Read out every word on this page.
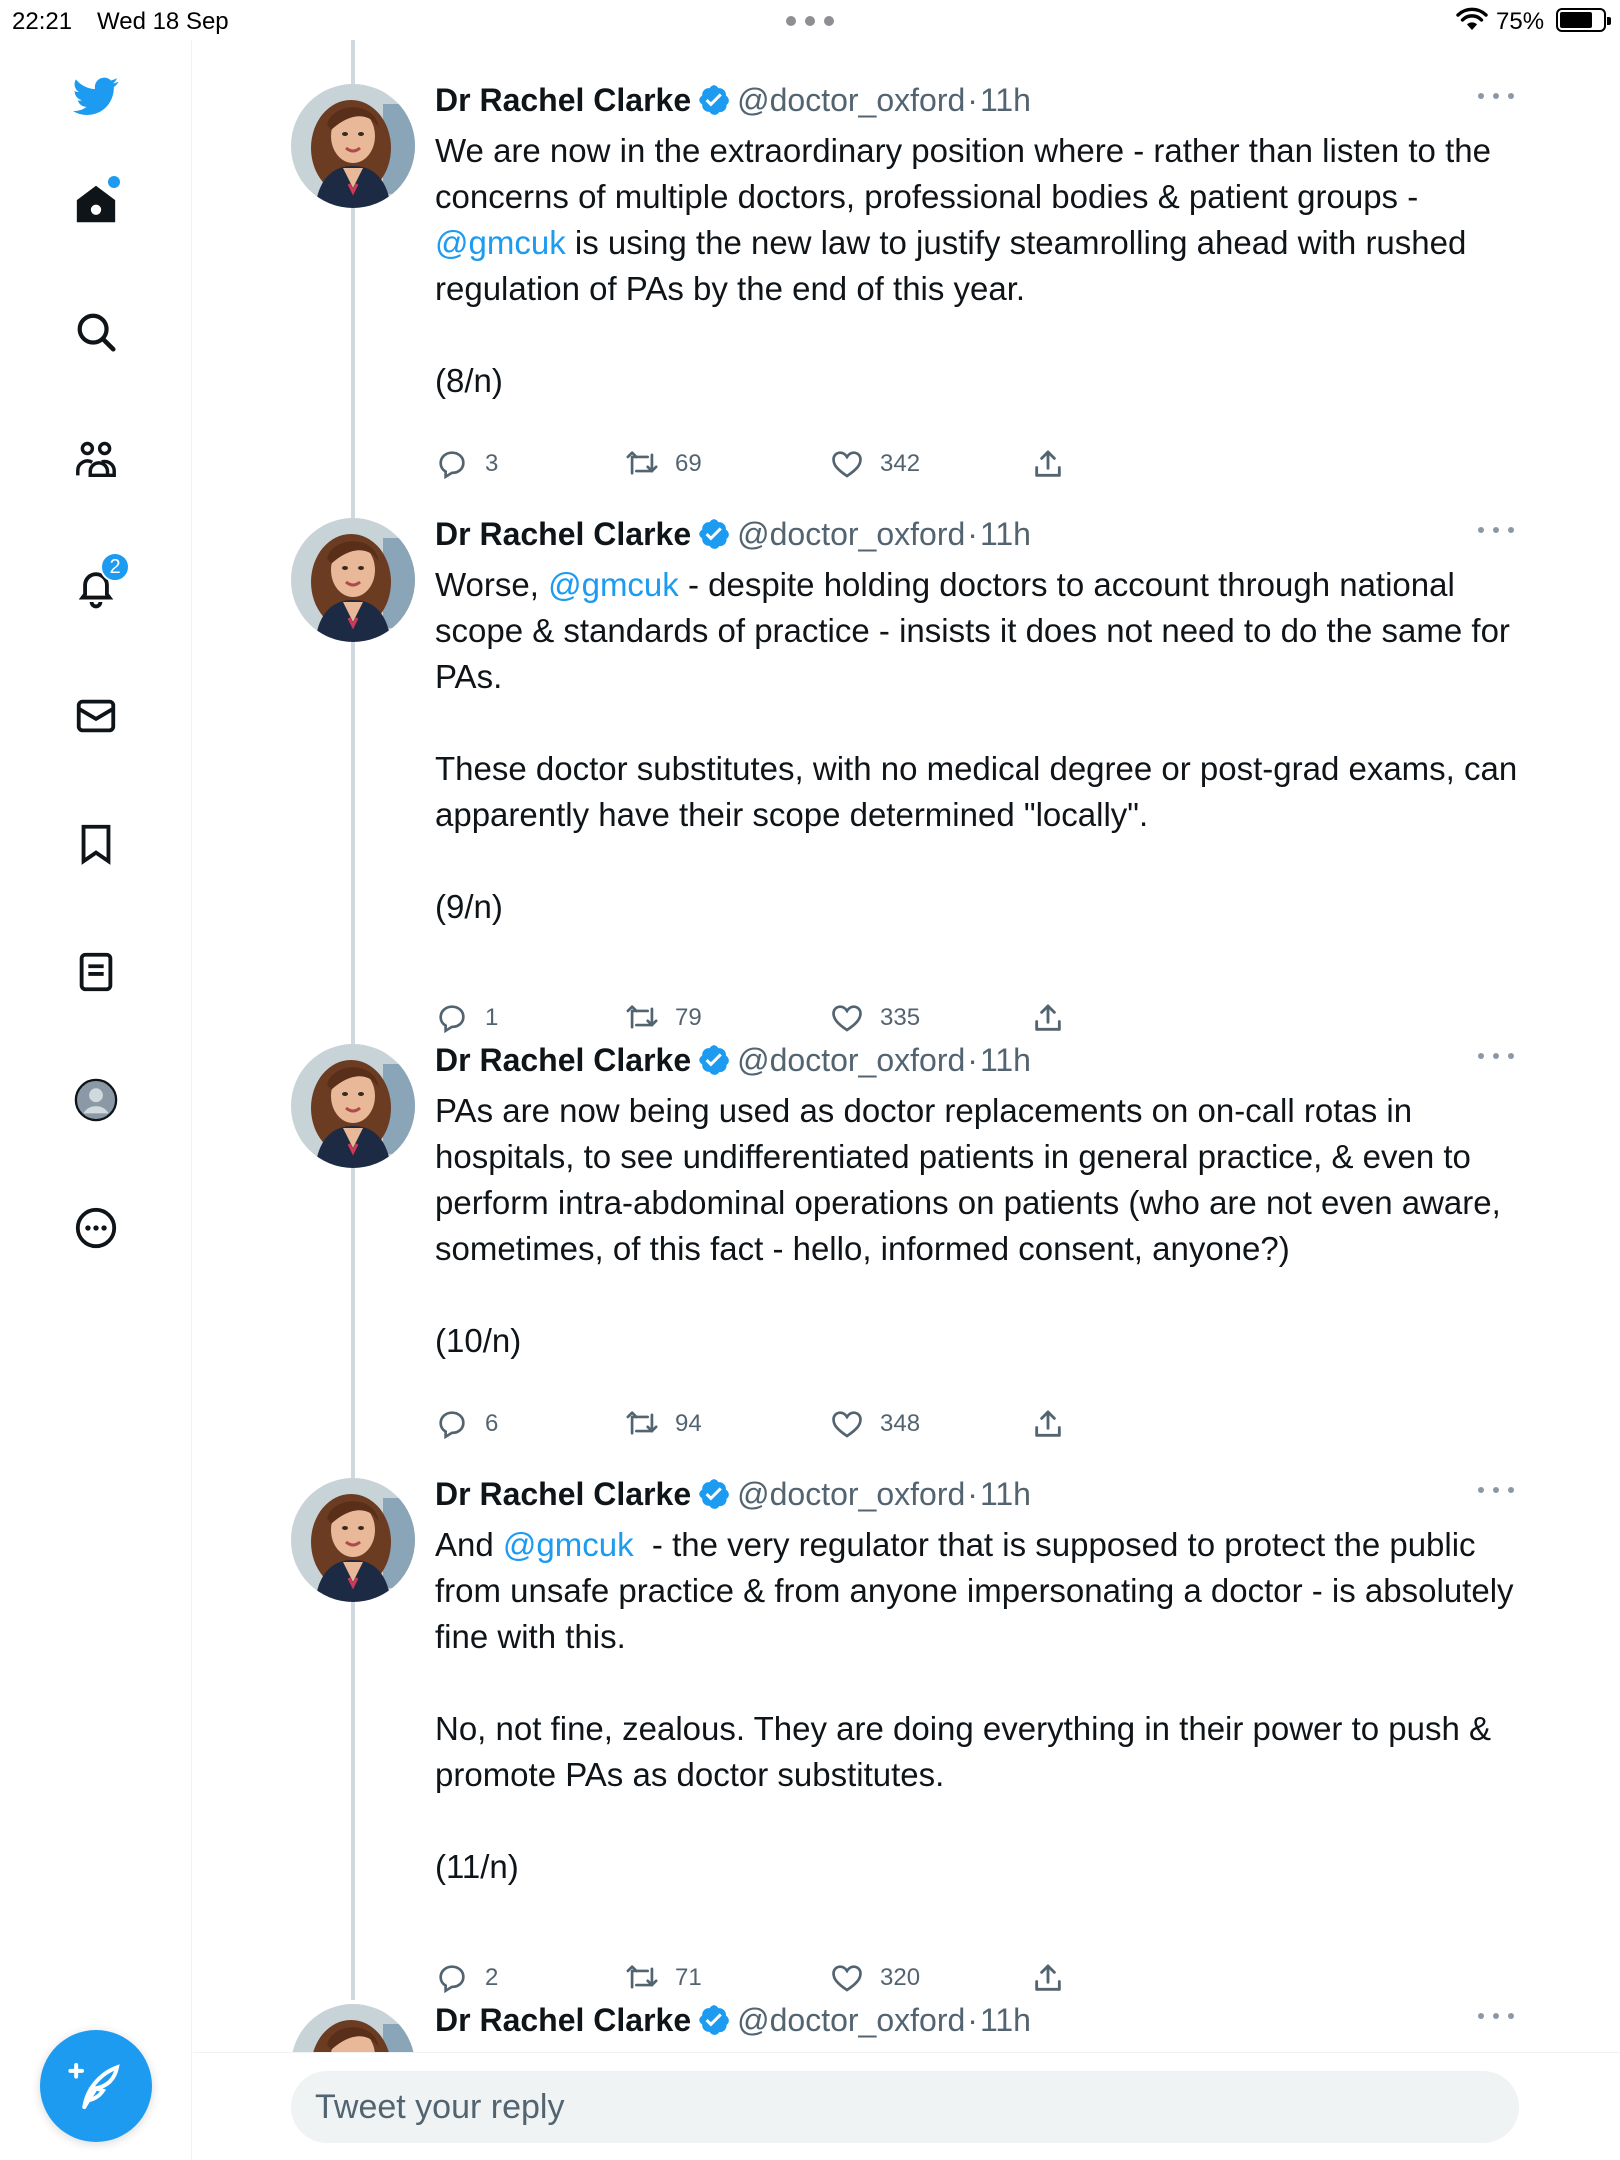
22:21 Wed 18 Sep	75%
2
Dr Rachel Clarke @doctor_oxford · 11h

We are now in the extraordinary position where - rather than listen to the concerns of multiple doctors, professional bodies & patient groups - @gmcuk is using the new law to justify steamrolling ahead with rushed regulation of PAs by the end of this year.

(8/n)

3	69	342
Dr Rachel Clarke @doctor_oxford · 11h

Worse, @gmcuk - despite holding doctors to account through national scope & standards of practice - insists it does not need to do the same for PAs.

These doctor substitutes, with no medical degree or post-grad exams, can apparently have their scope determined "locally".

(9/n)

1	79	335
Dr Rachel Clarke @doctor_oxford · 11h

PAs are now being used as doctor replacements on on-call rotas in hospitals, to see undifferentiated patients in general practice, & even to perform intra-abdominal operations on patients (who are not even aware, sometimes, of this fact - hello, informed consent, anyone?)

(10/n)

6	94	348
Dr Rachel Clarke @doctor_oxford · 11h

And @gmcuk  - the very regulator that is supposed to protect the public from unsafe practice & from anyone impersonating a doctor - is absolutely fine with this.

No, not fine, zealous. They are doing everything in their power to push & promote PAs as doctor substitutes.

(11/n)

2	71	320
Dr Rachel Clarke @doctor_oxford · 11h
Tweet your reply
